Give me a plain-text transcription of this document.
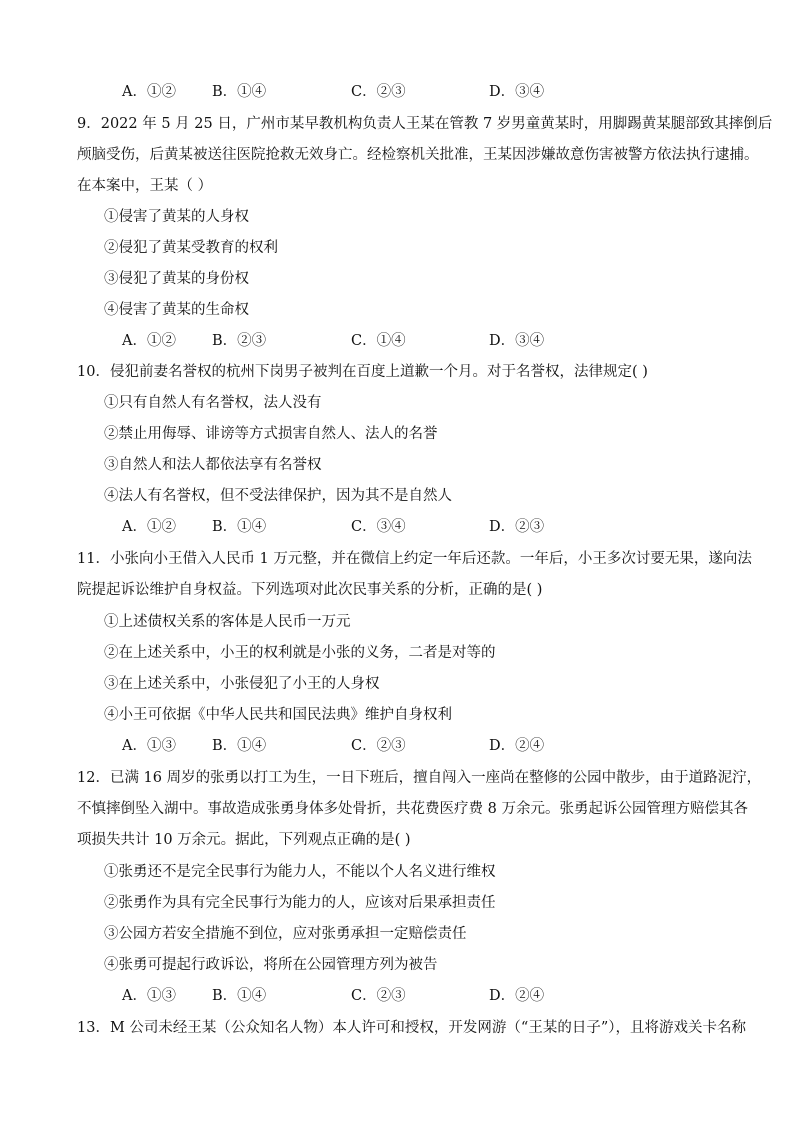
A．①② B．①④	C．②③	D．③④
9．2022 年 5 月 25 日，广州市某早教机构负责人王某在管教 7 岁男童黄某时，用脚踢黄某腿部致其摔倒后
颅脑受伤，后黄某被送往医院抢救无效身亡。经检察机关批准，王某因涉嫌故意伤害被警方依法执行逮捕。
在本案中，王某（ ）
①侵害了黄某的人身权
②侵犯了黄某受教育的权利
③侵犯了黄某的身份权
④侵害了黄某的生命权
A．①② B．②③	C．①④	D．③④
10．侵犯前妻名誉权的杭州下岗男子被判在百度上道歉一个月。对于名誉权，法律规定( )
①只有自然人有名誉权，法人没有
②禁止用侮辱、诽谤等方式损害自然人、法人的名誉
③自然人和法人都依法享有名誉权
④法人有名誉权，但不受法律保护，因为其不是自然人
A．①② B．①④	C．③④	D．②③
11．小张向小王借入人民币 1 万元整，并在微信上约定一年后还款。一年后，小王多次讨要无果，遂向法
院提起诉讼维护自身权益。下列选项对此次民事关系的分析，正确的是( )
①上述债权关系的客体是人民币一万元
②在上述关系中，小王的权利就是小张的义务，二者是对等的
③在上述关系中，小张侵犯了小王的人身权
④小王可依据《中华人民共和国民法典》维护自身权利
A．①③ B．①④	C．②③	D．②④
12．已满 16 周岁的张勇以打工为生，一日下班后，擅自闯入一座尚在整修的公园中散步，由于道路泥泞，
不慎摔倒坠入湖中。事故造成张勇身体多处骨折，共花费医疗费 8 万余元。张勇起诉公园管理方赔偿其各
项损失共计 10 万余元。据此，下列观点正确的是( )
①张勇还不是完全民事行为能力人，不能以个人名义进行维权
②张勇作为具有完全民事行为能力的人，应该对后果承担责任
③公园方若安全措施不到位，应对张勇承担一定赔偿责任
④张勇可提起行政诉讼，将所在公园管理方列为被告
A．①③ B．①④	C．②③	D．②④
13．M 公司未经王某（公众知名人物）本人许可和授权，开发网游（“王某的日子”），且将游戏关卡名称
